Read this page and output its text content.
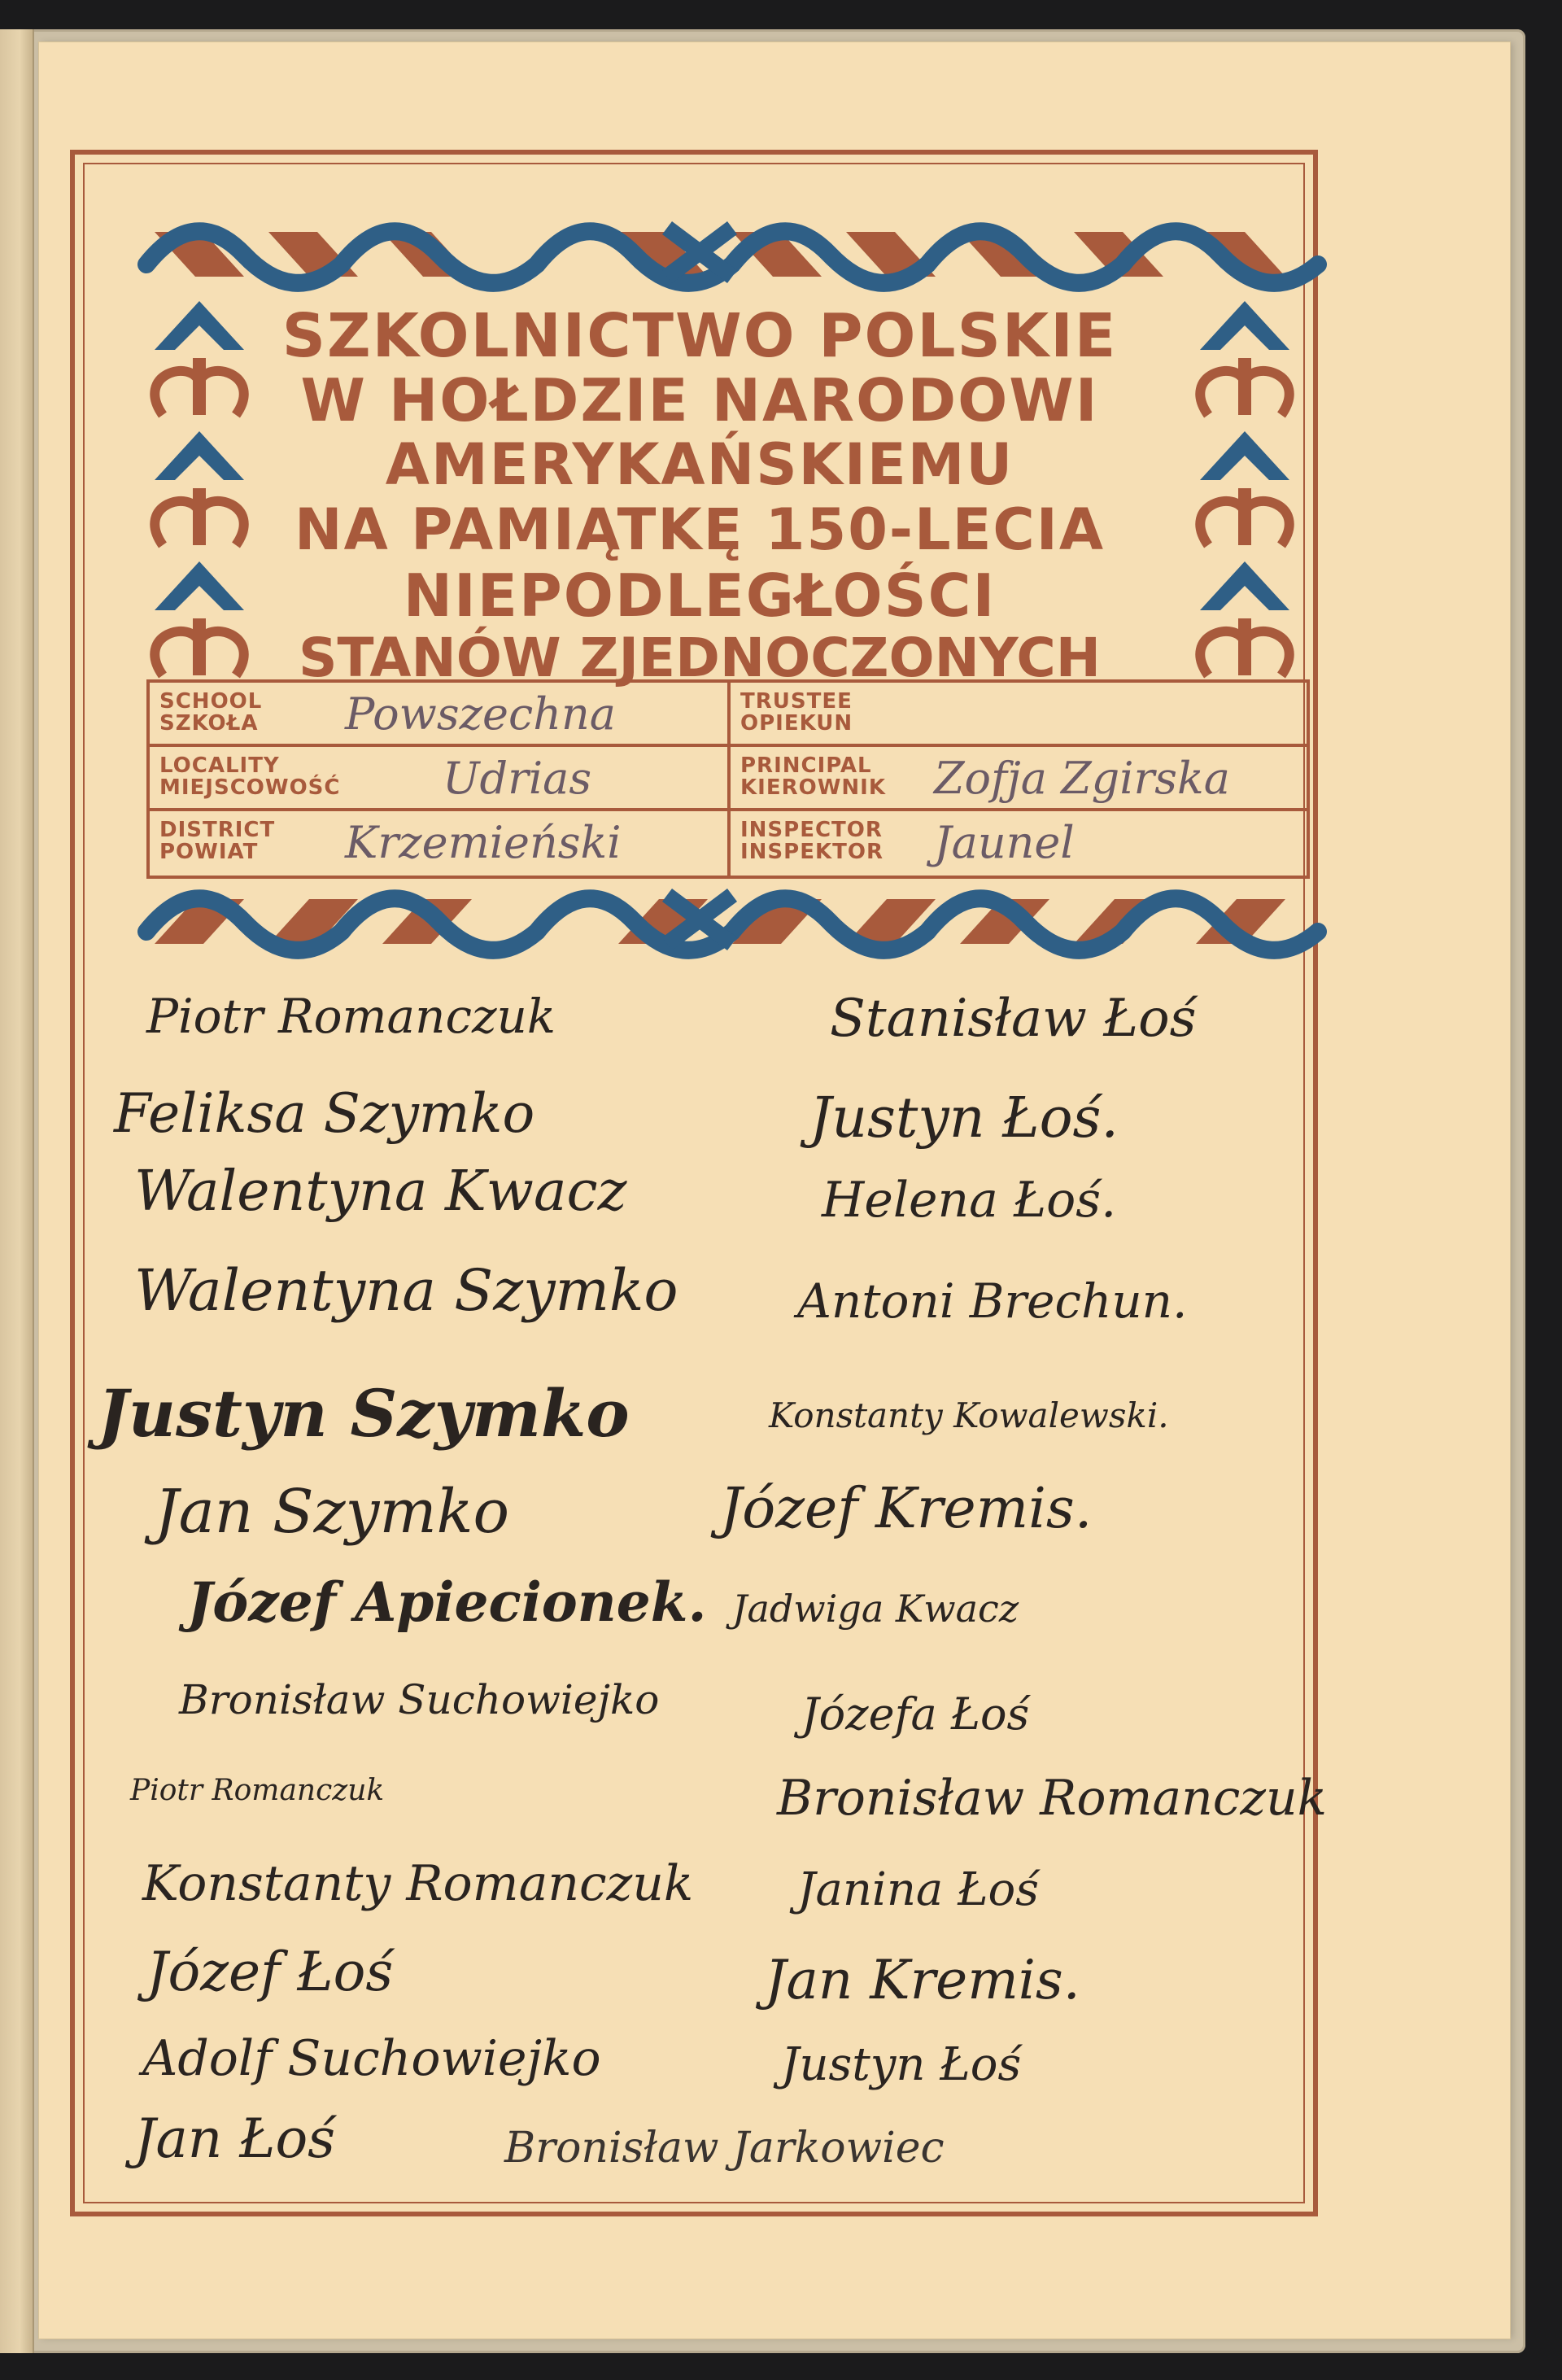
SZKOLNICTWO POLSKIE
W HOŁDZIE NARODOWI
AMERYKAŃSKIEMU
NA PAMIĄTKĘ 150-LECIA
NIEPODLEGŁOŚCI
STANÓW ZJEDNOCZONYCH
SCHOOL
SZKOŁA Powszechna
LOCALITY
MIEJSCOWOŚĆ Udrias
DISTRICT
POWIAT	Krzemieński
TRUSTEE
OPIEKUN
PRINCIPAL
KIEROWNIK Zofja Zgirska
INSPECTOR
INSPEKTOR Jaunel
Piotr Romanczuk
Feliksa Szymko
Walentyna Kwacz
Walentyna Szymko
Justyn Szymko
Jan Szymko
Józef Apiecionek.
Bronisław Suchowiejko
Piotr Romanczuk
Konstanty Romanczuk
Józef Łoś
Adolf Suchowiejko
Jan Łoś
Stanisław Łoś
Justyn Łoś.
Helena Łoś.
Antoni Brechun.
Konstanty Kowalewski.
Józef Kremis.
Jadwiga Kwacz
Józefa Łoś
Bronisław Romanczuk
Janina Łoś
Jan Kremis.
Justyn Łoś
Bronisław Jarkowiec
